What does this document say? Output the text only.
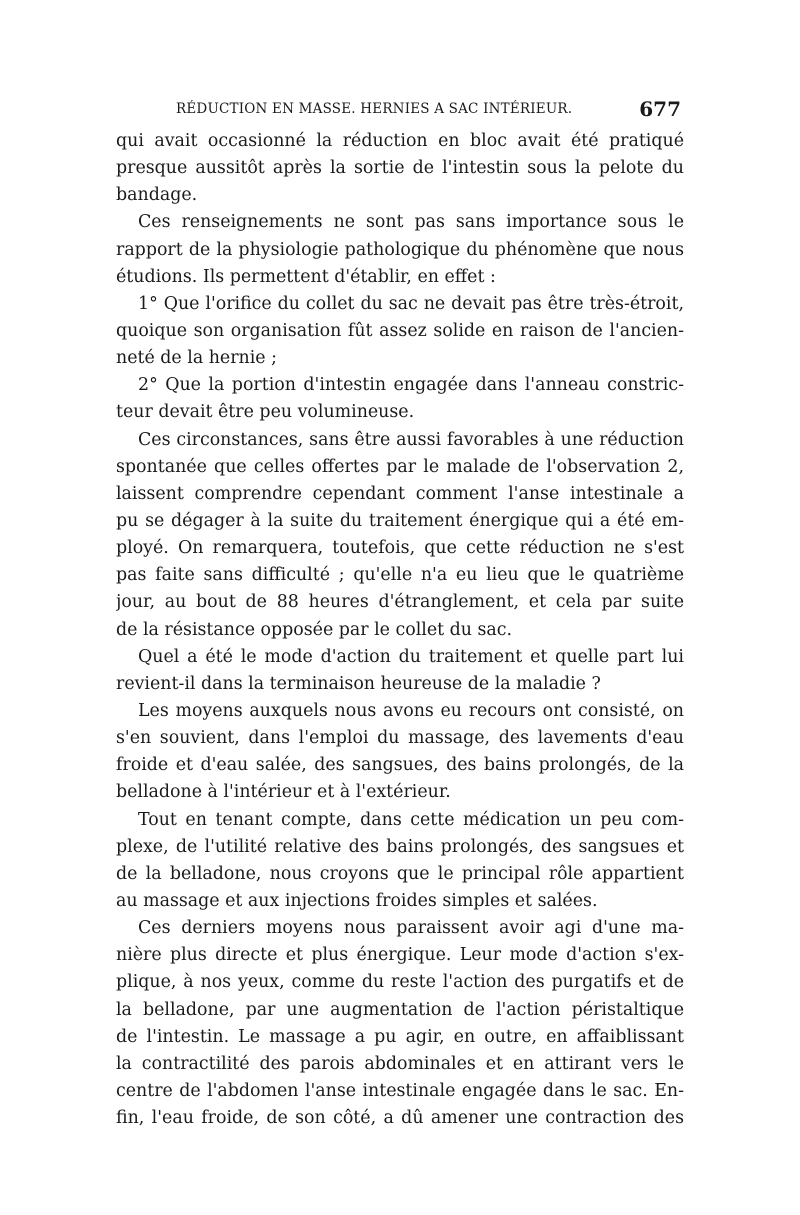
RÉDUCTION EN MASSE. HERNIES A SAC INTÉRIEUR.	677
qui avait occasionné la réduction en bloc avait été pratiqué
presque aussitôt après la sortie de l'intestin sous la pelote du
bandage.
Ces renseignements ne sont pas sans importance sous le
rapport de la physiologie pathologique du phénomène que nous
étudions. Ils permettent d'établir, en effet :
1° Que l'orifice du collet du sac ne devait pas être très-étroit,
quoique son organisation fût assez solide en raison de l'ancien-
neté de la hernie ;
2° Que la portion d'intestin engagée dans l'anneau constric-
teur devait être peu volumineuse.
Ces circonstances, sans être aussi favorables à une réduction
spontanée que celles offertes par le malade de l'observation 2,
laissent comprendre cependant comment l'anse intestinale a
pu se dégager à la suite du traitement énergique qui a été em-
ployé. On remarquera, toutefois, que cette réduction ne s'est
pas faite sans difficulté ; qu'elle n'a eu lieu que le quatrième
jour, au bout de 88 heures d'étranglement, et cela par suite
de la résistance opposée par le collet du sac.
Quel a été le mode d'action du traitement et quelle part lui
revient-il dans la terminaison heureuse de la maladie ?
Les moyens auxquels nous avons eu recours ont consisté, on
s'en souvient, dans l'emploi du massage, des lavements d'eau
froide et d'eau salée, des sangsues, des bains prolongés, de la
belladone à l'intérieur et à l'extérieur.
Tout en tenant compte, dans cette médication un peu com-
plexe, de l'utilité relative des bains prolongés, des sangsues et
de la belladone, nous croyons que le principal rôle appartient
au massage et aux injections froides simples et salées.
Ces derniers moyens nous paraissent avoir agi d'une ma-
nière plus directe et plus énergique. Leur mode d'action s'ex-
plique, à nos yeux, comme du reste l'action des purgatifs et de
la belladone, par une augmentation de l'action péristaltique
de l'intestin. Le massage a pu agir, en outre, en affaiblissant
la contractilité des parois abdominales et en attirant vers le
centre de l'abdomen l'anse intestinale engagée dans le sac. En-
fin, l'eau froide, de son côté, a dû amener une contraction des
